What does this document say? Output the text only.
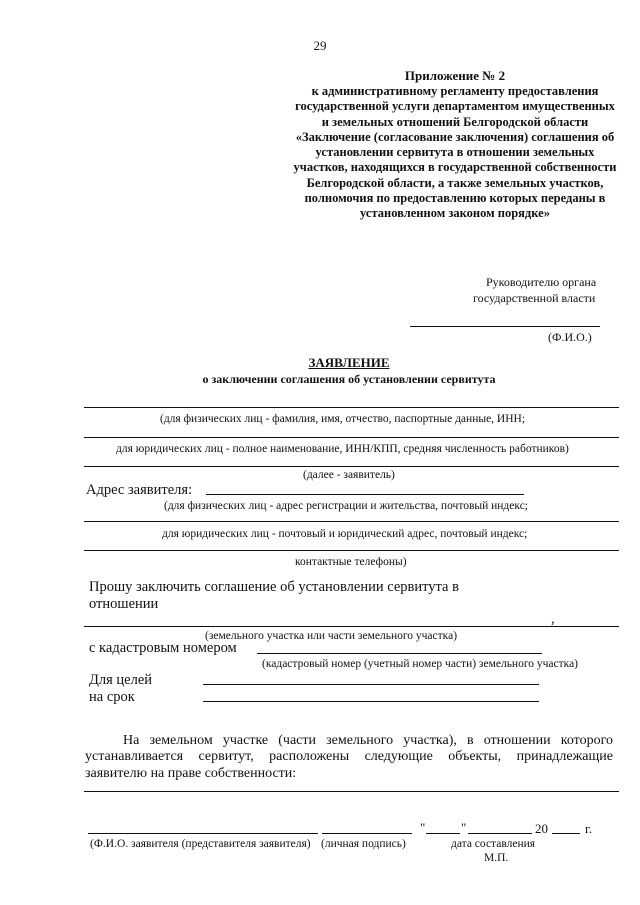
29
Приложение № 2
к административному регламенту предоставления государственной услуги департаментом имущественных и земельных отношений Белгородской области «Заключение (согласование заключения) соглашения об установлении сервитута в отношении земельных участков, находящихся в государственной собственности Белгородской области, а также земельных участков, полномочия по предоставлению которых переданы в установленном законом порядке»
Руководителю органа
государственной власти
(Ф.И.О.)
ЗАЯВЛЕНИЕ
о заключении соглашения об установлении сервитута
(для физических лиц - фамилия, имя, отчество, паспортные данные, ИНН;
для юридических лиц - полное наименование, ИНН/КПП, средняя численность работников)
(далее - заявитель)
Адрес заявителя:
(для физических лиц - адрес регистрации и жительства, почтовый индекс;
для юридических лиц - почтовый и юридический адрес, почтовый индекс;
контактные телефоны)
Прошу заключить соглашение об установлении сервитута в
отношении
,
(земельного участка или части земельного участка)
с кадастровым номером
(кадастровый номер (учетный номер части) земельного участка)
Для целей
на срок
На земельном участке (части земельного участка), в отношении которого устанавливается сервитут, расположены следующие объекты, принадлежащие заявителю на праве собственности:
"	"	20	г.
(Ф.И.О. заявителя (представителя заявителя) (личная подпись)	дата составления
М.П.
